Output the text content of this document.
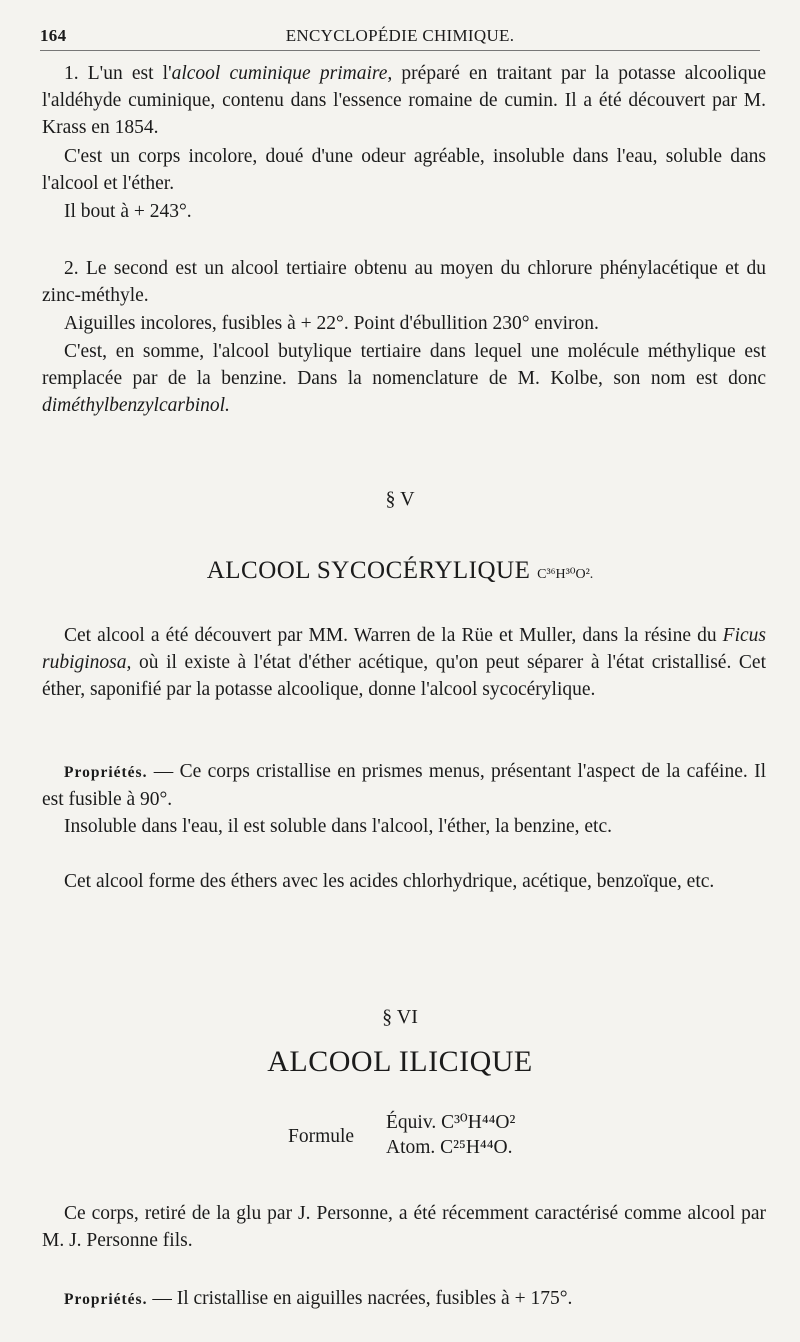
164	ENCYCLOPÉDIE CHIMIQUE.
1. L'un est l'alcool cuminique primaire, préparé en traitant par la potasse alcoolique l'aldéhyde cuminique, contenu dans l'essence romaine de cumin. Il a été découvert par M. Krass en 1854.
C'est un corps incolore, doué d'une odeur agréable, insoluble dans l'eau, soluble dans l'alcool et l'éther.
Il bout à + 243°.
2. Le second est un alcool tertiaire obtenu au moyen du chlorure phénylacétique et du zinc-méthyle.
Aiguilles incolores, fusibles à + 22°. Point d'ébullition 230° environ.
C'est, en somme, l'alcool butylique tertiaire dans lequel une molécule méthylique est remplacée par de la benzine. Dans la nomenclature de M. Kolbe, son nom est donc diméthylbenzylcarbinol.
§ V
ALCOOL SYCOCÉRYLIQUE C³⁶H³⁰O².
Cet alcool a été découvert par MM. Warren de la Rüe et Muller, dans la résine du Ficus rubiginosa, où il existe à l'état d'éther acétique, qu'on peut séparer à l'état cristallisé. Cet éther, saponifié par la potasse alcoolique, donne l'alcool sycocérylique.
Propriétés. — Ce corps cristallise en prismes menus, présentant l'aspect de la caféine. Il est fusible à 90°.
Insoluble dans l'eau, il est soluble dans l'alcool, l'éther, la benzine, etc.
Cet alcool forme des éthers avec les acides chlorhydrique, acétique, benzoïque, etc.
§ VI
ALCOOL ILICIQUE
Formule
Équiv. C³⁰H⁴⁴O²
Atom. C²⁵H⁴⁴O.
Ce corps, retiré de la glu par J. Personne, a été récemment caractérisé comme alcool par M. J. Personne fils.
Propriétés. — Il cristallise en aiguilles nacrées, fusibles à + 175°.
